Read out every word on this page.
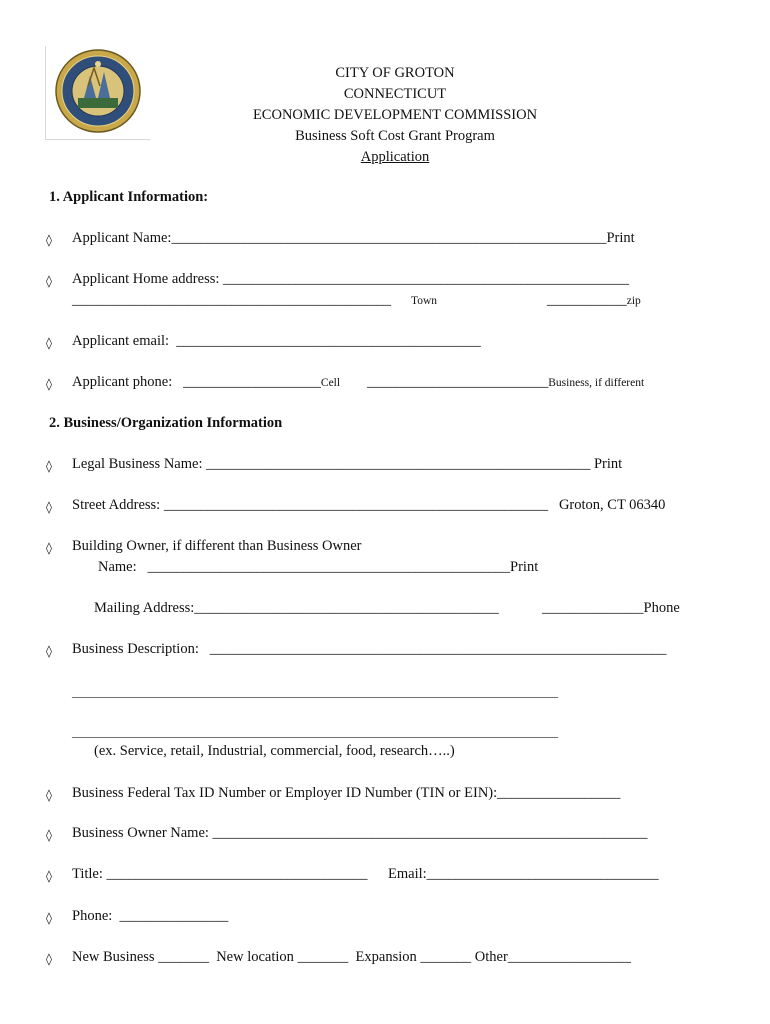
CITY OF GROTON
CONNECTICUT
ECONOMIC DEVELOPMENT COMMISSION
Business Soft Cost Grant Program
Application
1. Applicant Information:
◊ Applicant Name:____________________________________________________________Print
◊ Applicant Home address: ________________________________________________________
____________________________________________ Town	___________zip
◊ Applicant email: __________________________________________
◊ Applicant phone: ___________________Cell _________________________Business, if different
2. Business/Organization Information
◊ Legal Business Name: _____________________________________________________ Print
◊ Street Address: _____________________________________________________ Groton, CT 06340
◊ Building Owner, if different than Business Owner
Name: __________________________________________________Print
Mailing Address:__________________________________________	______________Phone
◊ Business Description: _______________________________________________________________
_________________________________________________________________________________
_________________________________________________________________________________
(ex. Service, retail, Industrial, commercial, food, research…..)
◊ Business Federal Tax ID Number or Employer ID Number (TIN or EIN):_________________
◊ Business Owner Name: ____________________________________________________________
◊ Title: ____________________________________ Email:________________________________
◊ Phone: _______________
◊ New Business _______ New location _______ Expansion _______ Other_________________
